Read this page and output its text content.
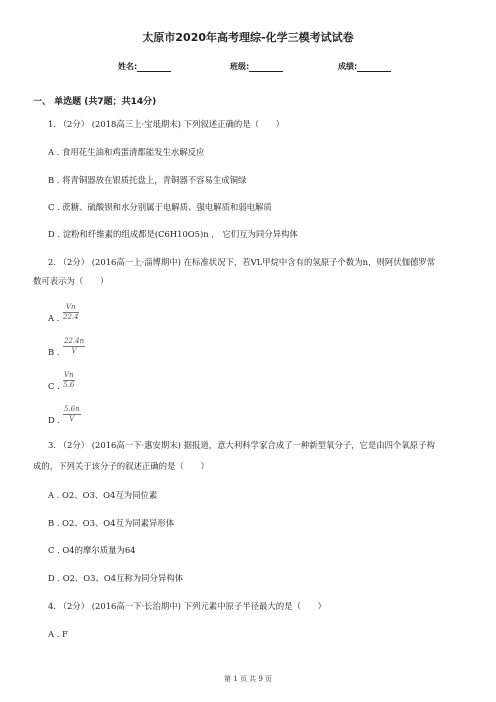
太原市2020年高考理综-化学三模考试试卷
姓名:	班级:	成绩:
一、 单选题 (共7题；共14分)
1. （2分） (2018高三上·宝坻期末) 下列叙述正确的是（　　）
A . 食用花生油和鸡蛋清都能发生水解反应
B . 将青铜器放在银质托盘上，青铜器不容易生成铜绿
C . 蔗糖、硫酸钡和水分别属于电解质、强电解质和弱电解质
D . 淀粉和纤维素的组成都是(C6H10O5)n ， 它们互为同分异构体
2. （2分） (2016高一上·淄博期中) 在标准状况下，若VL甲烷中含有的氢原子个数为n，则阿伏伽德罗常
数可表示为（　　）
A . $\frac{Vn}{22.4}$
B . $\frac{22.4n}{V}$
C . $\frac{Vn}{5.6}$
D . $\frac{5.6n}{V}$
3. （2分） (2016高一下·惠安期末) 据报道，意大利科学家合成了一种新型氧分子，它是由四个氧原子构
成的，下列关于该分子的叙述正确的是（　　）
A . O2、O3、O4互为同位素
B . O2、O3、O4互为同素异形体
C . O4的摩尔质量为64
D . O2、O3、O4互称为同分异构体
4. （2分） (2016高一下·长治期中) 下列元素中原子半径最大的是（　　）
A . F
第 1 页 共 9 页
